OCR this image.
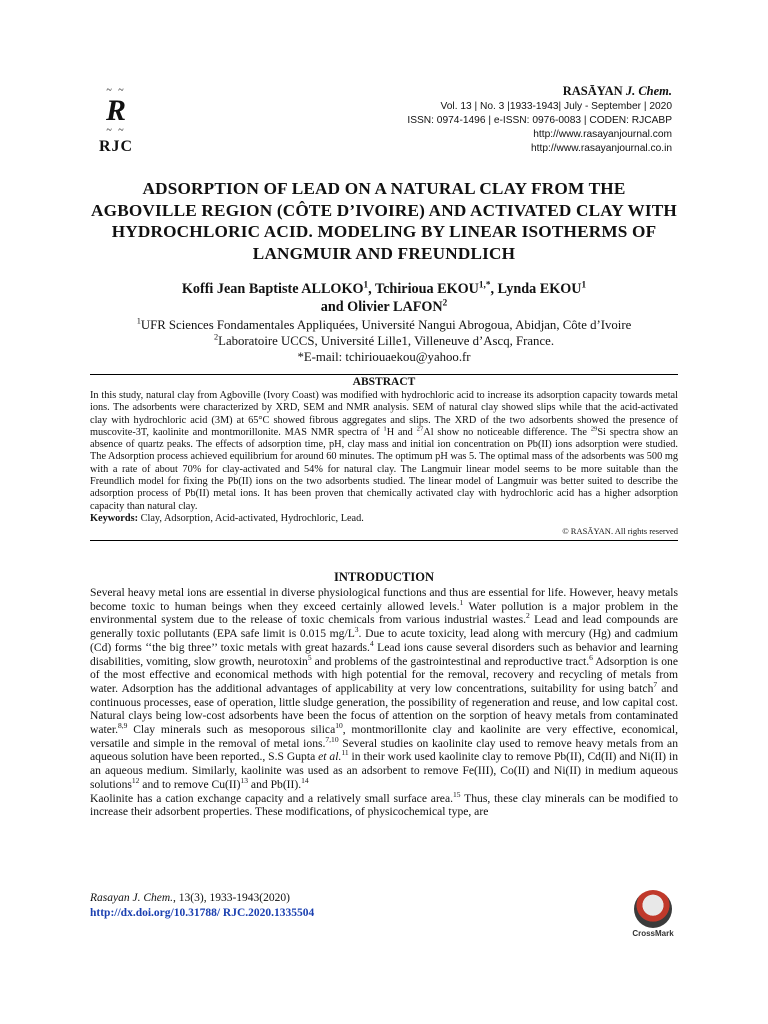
~ ~
R
~ ~
RJC
RASĀYAN J. Chem.
Vol. 13 | No. 3 |1933-1943| July - September | 2020
ISSN: 0974-1496 | e-ISSN: 0976-0083 | CODEN: RJCABP
http://www.rasayanjournal.com
http://www.rasayanjournal.co.in
ADSORPTION OF LEAD ON A NATURAL CLAY FROM THE AGBOVILLE REGION (CÔTE D’IVOIRE) AND ACTIVATED CLAY WITH HYDROCHLORIC ACID. MODELING BY LINEAR ISOTHERMS OF LANGMUIR AND FREUNDLICH
Koffi Jean Baptiste ALLOKO$^1$, Tchirioua $EKOU^{1,*}$, Lynda EKOU$^1$
and Olivier LAFON$^2$
$^1$UFR Sciences Fondamentales Appliquées, Université Nangui Abrogoua, Abidjan, Côte d’Ivoire
$^2$Laboratoire UCCS, Université Lille1, Villeneuve d’Ascq, France.
*E-mail: tchiriouaekou@yahoo.fr
ABSTRACT

In this study, natural clay from Agboville (Ivory Coast) was modified with hydrochloric acid to increase its adsorption capacity towards metal ions. The adsorbents were characterized by XRD, SEM and NMR analysis. SEM of natural clay showed slips while that the acid-activated clay with hydrochloric acid (3M) at 65°C showed fibrous aggregates and slips. The XRD of the two adsorbents showed the presence of muscovite-3T, kaolinite and montmorillonite. MAS NMR spectra of $^1$H and $^{27}$Al show no noticeable difference. The $^{29}$Si spectra show an absence of quartz peaks. The effects of adsorption time, pH, clay mass and initial ion concentration on Pb(II) ions adsorption were studied. The Adsorption process achieved equilibrium for around 60 minutes. The optimum pH was 5. The optimal mass of the adsorbents was 500 mg with a rate of about 70% for clay-activated and 54% for natural clay. The Langmuir linear model seems to be more suitable than the Freundlich model for fixing the Pb(II) ions on the two adsorbents studied. The linear model of Langmuir was better suited to describe the adsorption process of Pb(II) metal ions. It has been proven that chemically activated clay with hydrochloric acid has a higher adsorption capacity than natural clay.

Keywords: Clay, Adsorption, Acid-activated, Hydrochloric, Lead.

© RASĀYAN. All rights reserved
INTRODUCTION

Several heavy metal ions are essential in diverse physiological functions and thus are essential for life. However, heavy metals become toxic to human beings when they exceed certainly allowed levels.$^1$ Water pollution is a major problem in the environmental system due to the release of toxic chemicals from various industrial wastes.$^2$ Lead and lead compounds are generally toxic pollutants (EPA safe limit is 0.015 $mg/L^3$. Due to acute toxicity, lead along with mercury (Hg) and cadmium (Cd) forms ‘‘the big three’’ toxic metals with great hazards.$^4$ Lead ions cause several disorders such as behavior and learning disabilities, vomiting, slow growth, neurotoxin$^5$ and problems of the gastrointestinal and reproductive tract.$^6$ Adsorption is one of the most effective and economical methods with high potential for the removal, recovery and recycling of metals from water. Adsorption has the additional advantages of applicability at very low concentrations, suitability for using batch$^7$ and continuous processes, ease of operation, little sludge generation, the possibility of regeneration and reuse, and low capital cost.

Natural clays being low-cost adsorbents have been the focus of attention on the sorption of heavy metals from contaminated water.$^{8,9}$ Clay minerals such as mesoporous silica$^{10}$, montmorillonite clay and kaolinite are very effective, economical, versatile and simple in the removal of metal ions.$^{7,10}$ Several studies on kaolinite clay used to remove heavy metals from an aqueous solution have been reported., S.S Gupta et al.$^{11}$ in their work used kaolinite clay to remove Pb(II), Cd(II) and Ni(II) in an aqueous medium. Similarly, kaolinite was used as an adsorbent to remove Fe(III), Co(II) and Ni(II) in medium aqueous solutions$^{12}$ and to remove Cu(II)$^{13}$ and Pb(II).$^{14}$

Kaolinite has a cation exchange capacity and a relatively small surface area.$^{15}$ Thus, these clay minerals can be modified to increase their adsorbent properties. These modifications, of physicochemical type, are

Rasayan J. Chem., 13(3), 1933-1943(2020)
http://dx.doi.org/10.31788/ RJC.2020.1335504
CrossMark
